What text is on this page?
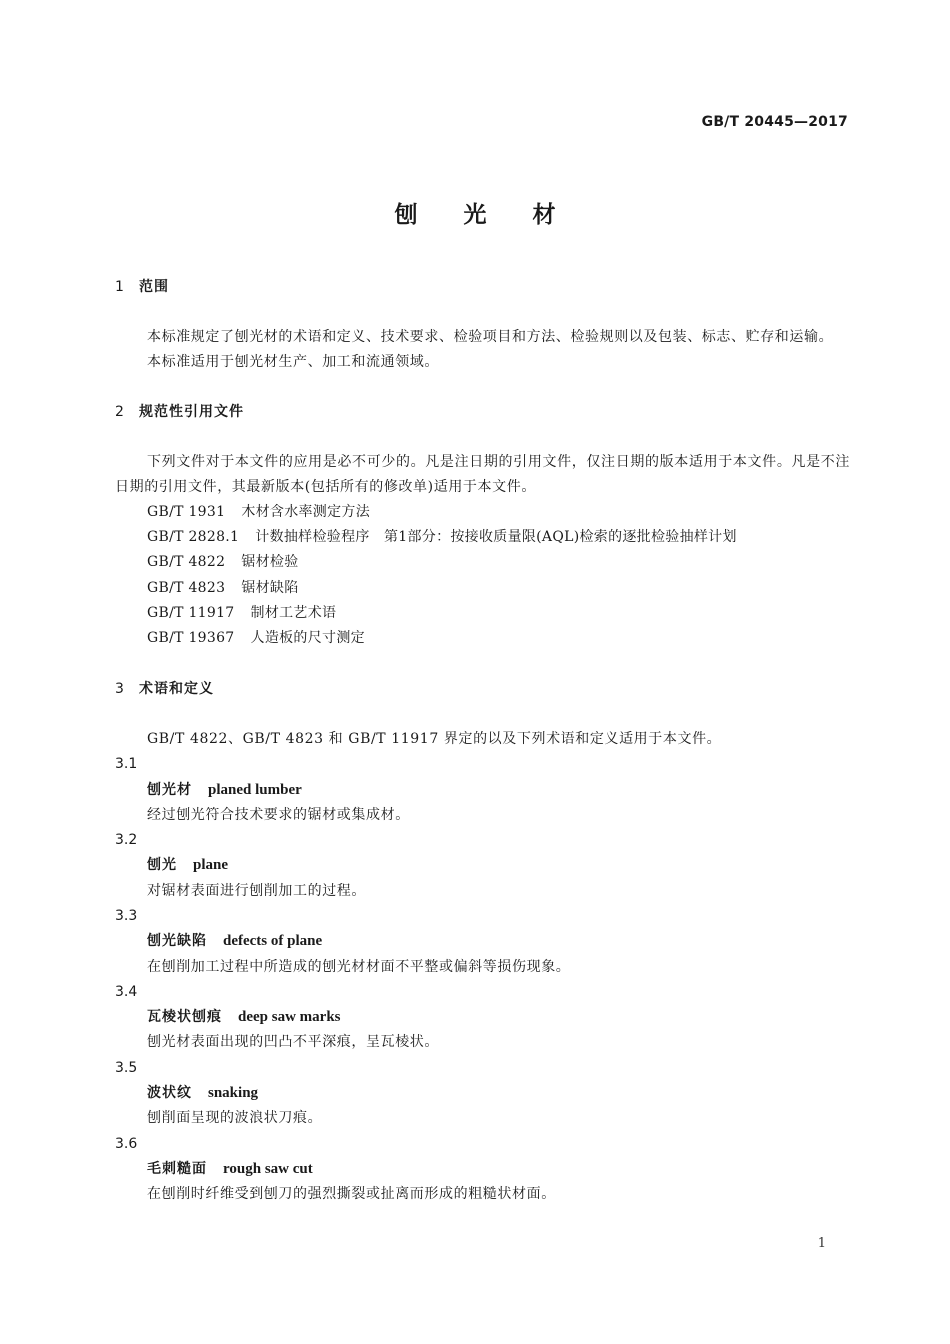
GB/T 20445—2017
刨光材
1 范围

本标准规定了刨光材的术语和定义、技术要求、检验项目和方法、检验规则以及包装、标志、贮存和运输。

本标准适用于刨光材生产、加工和流通领域。

2 规范性引用文件

下列文件对于本文件的应用是必不可少的。凡是注日期的引用文件，仅注日期的版本适用于本文件。凡是不注日期的引用文件，其最新版本(包括所有的修改单)适用于本文件。

GB/T 1931 木材含水率测定方法

GB/T 2828.1 计数抽样检验程序　第1部分：按接收质量限(AQL)检索的逐批检验抽样计划

GB/T 4822 锯材检验

GB/T 4823 锯材缺陷

GB/T 11917 制材工艺术语

GB/T 19367 人造板的尺寸测定

3 术语和定义

GB/T 4822、GB/T 4823 和 GB/T 11917 界定的以及下列术语和定义适用于本文件。

3.1

刨光材 planed lumber

经过刨光符合技术要求的锯材或集成材。

3.2

刨光 plane

对锯材表面进行刨削加工的过程。

3.3

刨光缺陷 defects of plane

在刨削加工过程中所造成的刨光材材面不平整或偏斜等损伤现象。

3.4

瓦棱状刨痕 deep saw marks

刨光材表面出现的凹凸不平深痕，呈瓦棱状。

3.5

波状纹 snaking

刨削面呈现的波浪状刀痕。

3.6

毛刺糙面 rough saw cut

在刨削时纤维受到刨刀的强烈撕裂或扯离而形成的粗糙状材面。

1
